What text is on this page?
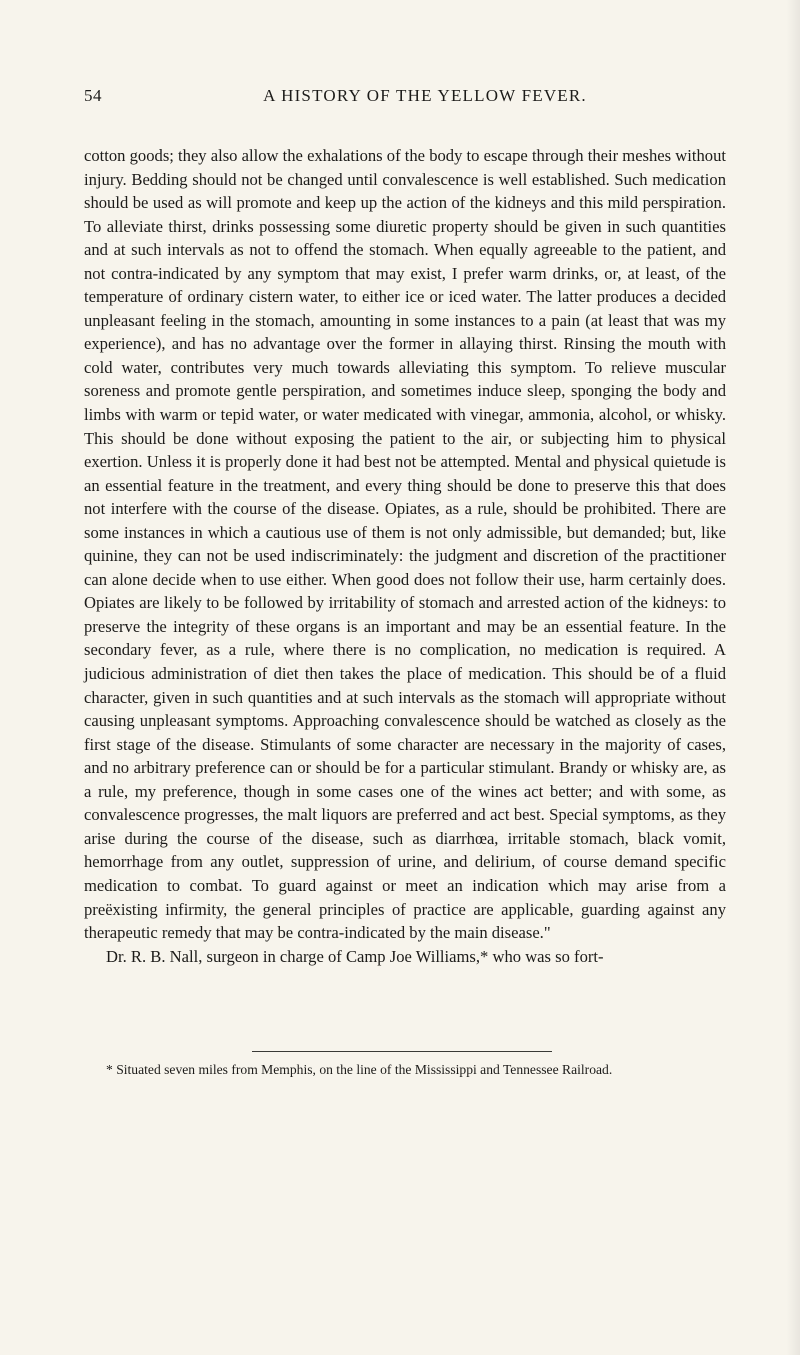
54	A HISTORY OF THE YELLOW FEVER.

cotton goods; they also allow the exhalations of the body to escape through their meshes without injury. Bedding should not be changed until convalescence is well established. Such medication should be used as will promote and keep up the action of the kidneys and this mild perspiration. To alleviate thirst, drinks possessing some diuretic property should be given in such quantities and at such intervals as not to offend the stomach. When equally agreeable to the patient, and not contra-indicated by any symptom that may exist, I prefer warm drinks, or, at least, of the temperature of ordinary cistern water, to either ice or iced water. The latter produces a decided unpleasant feeling in the stomach, amounting in some instances to a pain (at least that was my experience), and has no advantage over the former in allaying thirst. Rinsing the mouth with cold water, contributes very much towards alleviating this symptom. To relieve muscular soreness and promote gentle perspiration, and sometimes induce sleep, sponging the body and limbs with warm or tepid water, or water medicated with vinegar, ammonia, alcohol, or whisky. This should be done without exposing the patient to the air, or subjecting him to physical exertion. Unless it is properly done it had best not be attempted. Mental and physical quietude is an essential feature in the treatment, and every thing should be done to preserve this that does not interfere with the course of the disease. Opiates, as a rule, should be prohibited. There are some instances in which a cautious use of them is not only admissible, but demanded; but, like quinine, they can not be used indiscriminately: the judgment and discretion of the practitioner can alone decide when to use either. When good does not follow their use, harm certainly does. Opiates are likely to be followed by irritability of stomach and arrested action of the kidneys: to preserve the integrity of these organs is an important and may be an essential feature. In the secondary fever, as a rule, where there is no complication, no medication is required. A judicious administration of diet then takes the place of medication. This should be of a fluid character, given in such quantities and at such intervals as the stomach will appropriate without causing unpleasant symptoms. Approaching convalescence should be watched as closely as the first stage of the disease. Stimulants of some character are necessary in the majority of cases, and no arbitrary preference can or should be for a particular stimulant. Brandy or whisky are, as a rule, my preference, though in some cases one of the wines act better; and with some, as convalescence progresses, the malt liquors are preferred and act best. Special symptoms, as they arise during the course of the disease, such as diarrhœa, irritable stomach, black vomit, hemorrhage from any outlet, suppression of urine, and delirium, of course demand specific medication to combat. To guard against or meet an indication which may arise from a preëxisting infirmity, the general principles of practice are applicable, guarding against any therapeutic remedy that may be contra-indicated by the main disease."

Dr. R. B. Nall, surgeon in charge of Camp Joe Williams,* who was so fort-

* Situated seven miles from Memphis, on the line of the Mississippi and Tennessee Railroad.
